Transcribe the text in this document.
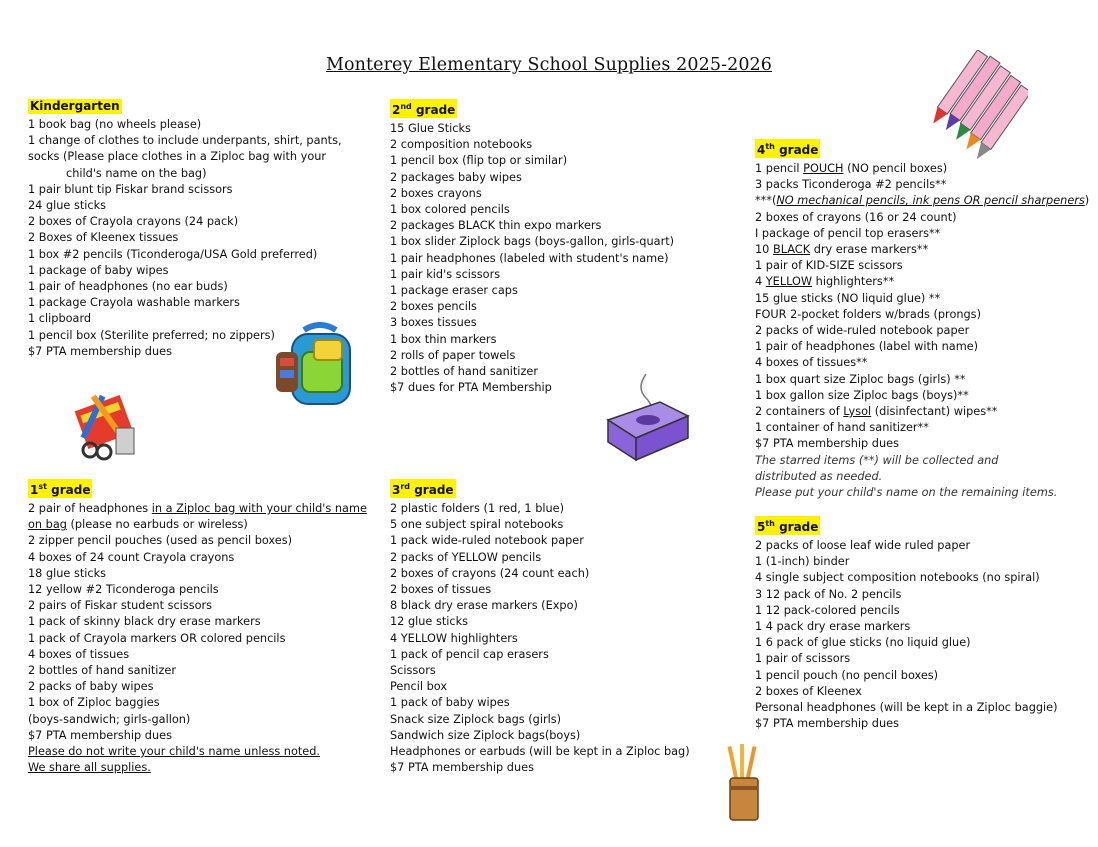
Monterey Elementary School Supplies 2025-2026
Kindergarten
1 book bag (no wheels please)
1 change of clothes to include underpants, shirt, pants,
socks (Please place clothes in a Ziploc bag with your
child's name on the bag)
1 pair blunt tip Fiskar brand scissors
24 glue sticks
2 boxes of Crayola crayons (24 pack)
2 Boxes of Kleenex tissues
1 box #2 pencils (Ticonderoga/USA Gold preferred)
1 package of baby wipes
1 pair of headphones (no ear buds)
1 package Crayola washable markers
1 clipboard
1 pencil box (Sterilite preferred; no zippers)
$7 PTA membership dues
2nd grade
15 Glue Sticks
2 composition notebooks
1 pencil box (flip top or similar)
2 packages baby wipes
2 boxes crayons
1 box colored pencils
2 packages BLACK thin expo markers
1 box slider Ziplock bags (boys-gallon, girls-quart)
1 pair headphones (labeled with student's name)
1 pair kid's scissors
1 package eraser caps
2 boxes pencils
3 boxes tissues
1 box thin markers
2 rolls of paper towels
2 bottles of hand sanitizer
$7 dues for PTA Membership
4th grade
1 pencil POUCH (NO pencil boxes)
3 packs Ticonderoga #2 pencils**
***(NO mechanical pencils, ink pens OR pencil sharpeners)
2 boxes of crayons (16 or 24 count)
I package of pencil top erasers**
10 BLACK dry erase markers**
1 pair of KID-SIZE scissors
4 YELLOW highlighters**
15 glue sticks (NO liquid glue) **
FOUR 2-pocket folders w/brads (prongs)
2 packs of wide-ruled notebook paper
1 pair of headphones (label with name)
4 boxes of tissues**
1 box quart size Ziploc bags (girls) **
1 box gallon size Ziploc bags (boys)**
2 containers of Lysol (disinfectant) wipes**
1 container of hand sanitizer**
$7 PTA membership dues
The starred items (**) will be collected and distributed as needed.
Please put your child's name on the remaining items.
1st grade
2 pair of headphones in a Ziploc bag with your child's name
on bag (please no earbuds or wireless)
2 zipper pencil pouches (used as pencil boxes)
4 boxes of 24 count Crayola crayons
18 glue sticks
12 yellow #2 Ticonderoga pencils
2 pairs of Fiskar student scissors
1 pack of skinny black dry erase markers
1 pack of Crayola markers OR colored pencils
4 boxes of tissues
2 bottles of hand sanitizer
2 packs of baby wipes
1 box of Ziploc baggies
(boys-sandwich; girls-gallon)
$7 PTA membership dues
Please do not write your child's name unless noted.
We share all supplies.
3rd grade
2 plastic folders (1 red, 1 blue)
5 one subject spiral notebooks
1 pack wide-ruled notebook paper
2 packs of YELLOW pencils
2 boxes of crayons (24 count each)
2 boxes of tissues
8 black dry erase markers (Expo)
12 glue sticks
4 YELLOW highlighters
1 pack of pencil cap erasers
Scissors
Pencil box
1 pack of baby wipes
Snack size Ziplock bags (girls)
Sandwich size Ziplock bags(boys)
Headphones or earbuds (will be kept in a Ziploc bag)
$7 PTA membership dues
5th grade
2 packs of loose leaf wide ruled paper
1 (1-inch) binder
4 single subject composition notebooks (no spiral)
3 12 pack of No. 2 pencils
1 12 pack-colored pencils
1 4 pack dry erase markers
1 6 pack of glue sticks (no liquid glue)
1 pair of scissors
1 pencil pouch (no pencil boxes)
2 boxes of Kleenex
Personal headphones (will be kept in a Ziploc baggie)
$7 PTA membership dues
